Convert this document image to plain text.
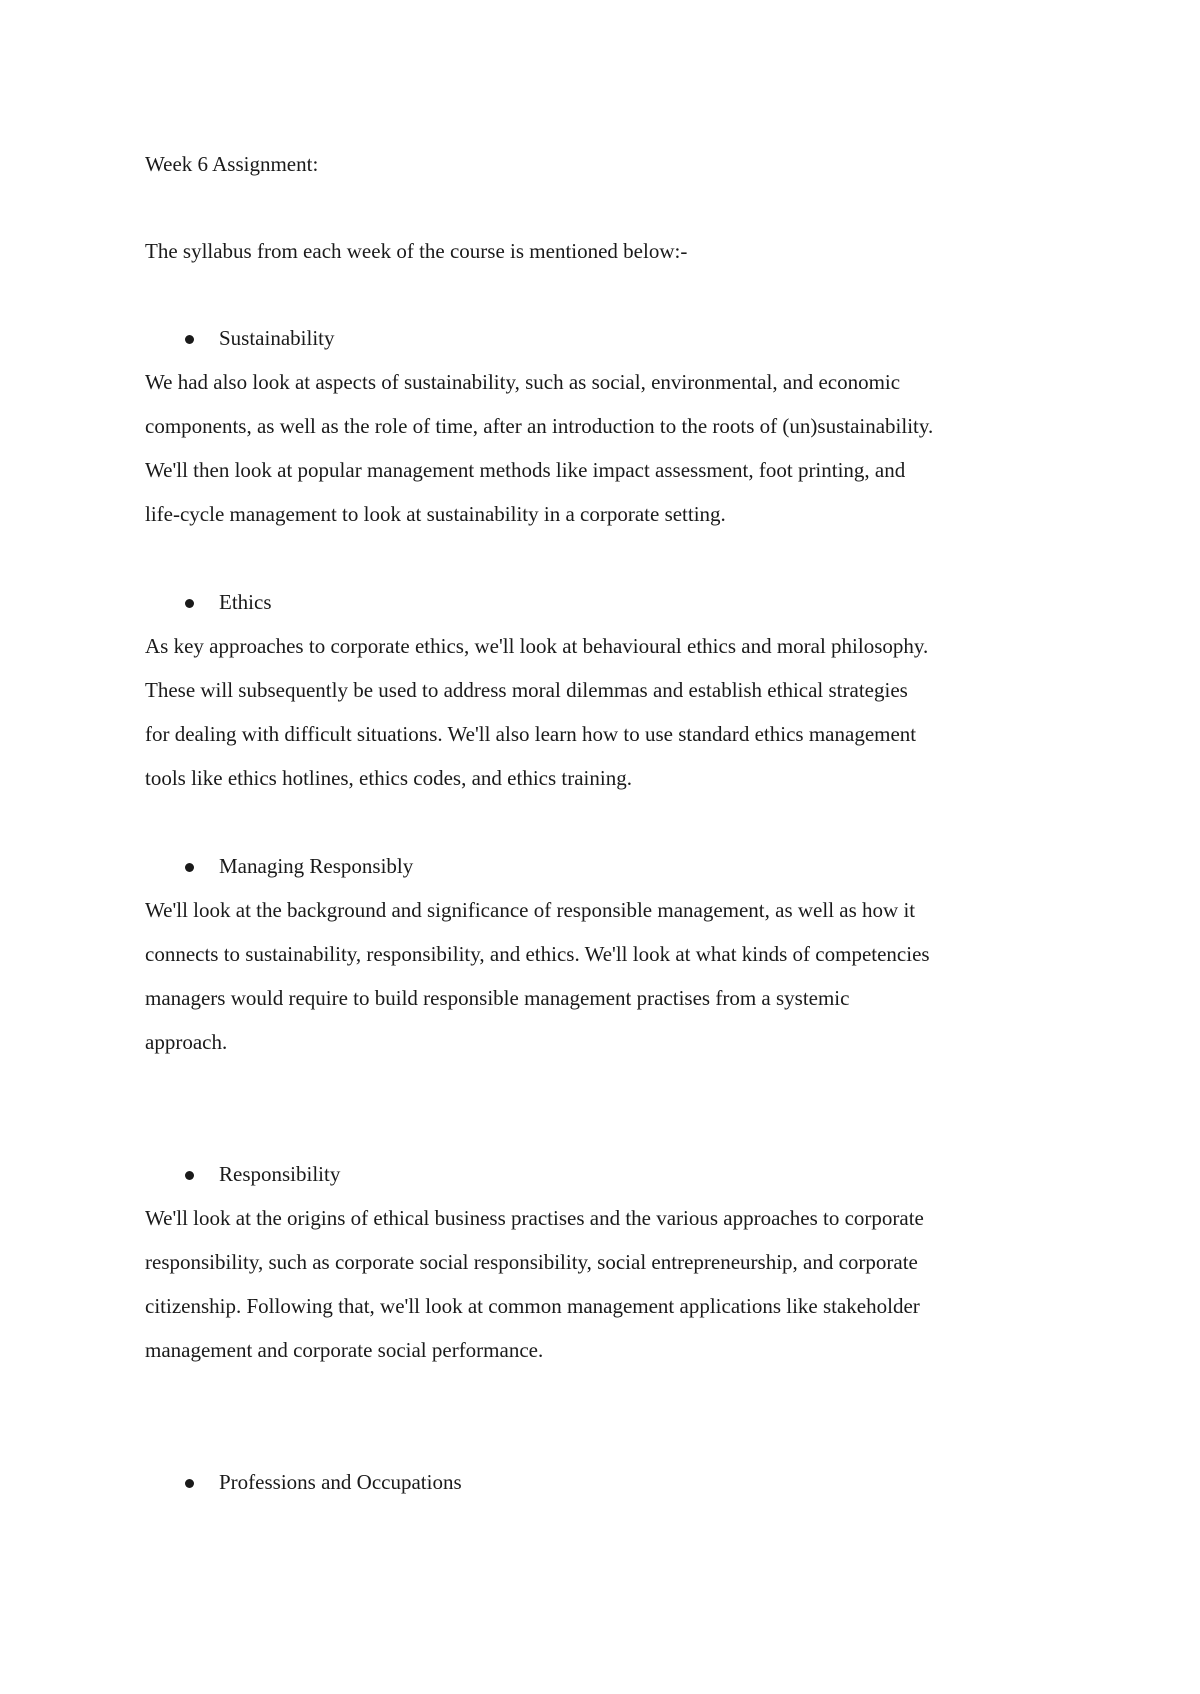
Week 6 Assignment:
The syllabus from each week of the course is mentioned below:-
Sustainability
We had also look at aspects of sustainability, such as social, environmental, and economic
components, as well as the role of time, after an introduction to the roots of (un)sustainability.
We'll then look at popular management methods like impact assessment, foot printing, and
life-cycle management to look at sustainability in a corporate setting.
Ethics
As key approaches to corporate ethics, we'll look at behavioural ethics and moral philosophy.
These will subsequently be used to address moral dilemmas and establish ethical strategies
for dealing with difficult situations. We'll also learn how to use standard ethics management
tools like ethics hotlines, ethics codes, and ethics training.
Managing Responsibly
We'll look at the background and significance of responsible management, as well as how it
connects to sustainability, responsibility, and ethics. We'll look at what kinds of competencies
managers would require to build responsible management practises from a systemic
approach.
Responsibility
We'll look at the origins of ethical business practises and the various approaches to corporate
responsibility, such as corporate social responsibility, social entrepreneurship, and corporate
citizenship. Following that, we'll look at common management applications like stakeholder
management and corporate social performance.
Professions and Occupations
